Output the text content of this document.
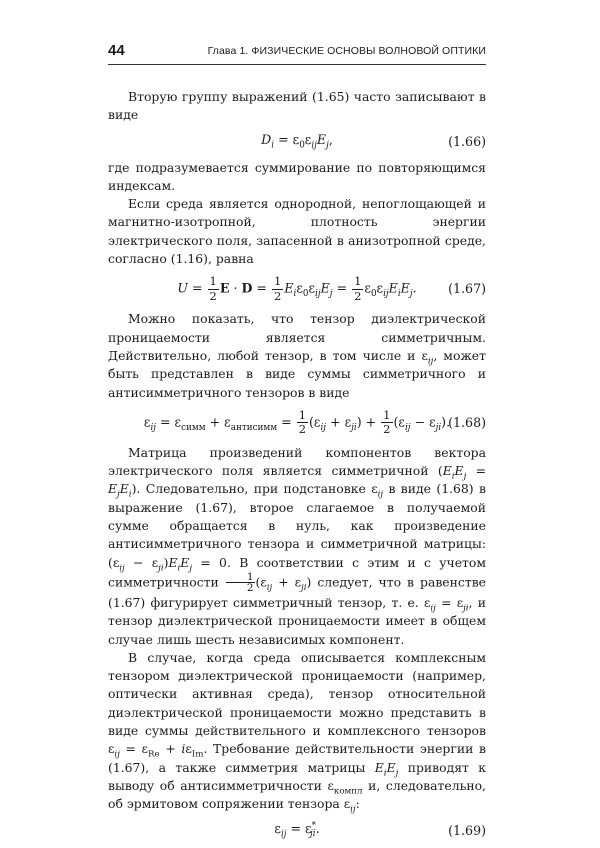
44	Глава 1. ФИЗИЧЕСКИЕ ОСНОВЫ ВОЛНОВОЙ ОПТИКИ

Вторую группу выражений (1.65) часто записывают в виде

$D_i = \varepsilon_0\varepsilon_{ij}E_j$,	(1.66)

где подразумевается суммирование по повторяющимся индексам.

Если среда является однородной, непоглощающей и магнитно-изотропной, плотность энергии электрического поля, запасенной в анизотропной среде, согласно (1.16), равна

$U = \frac{1}{2}$ $E \cdot D = \frac{1}{2} E_i\varepsilon_0\varepsilon_{ij}E_j = \frac{1}{2} \varepsilon_0\varepsilon_{ij}E_iE_j$.	(1.67)

Можно показать, что тензор диэлектрической проницаемости является симметричным. Действительно, любой тензор, в том числе и $\varepsilon_{ij}$, может быть представлен в виде суммы симметричного и антисимметричного тензоров в виде

$\varepsilon_{ij} = \varepsilon_{симм} + \varepsilon_{антисимм} = \frac{1}{2} (\varepsilon_{ij} + \varepsilon_{ji}) + \frac{1}{2} (\varepsilon_{ij} - \varepsilon_{ji})$.
(1.68)

Матрица произведений компонентов вектора электрического поля является симметричной $(E_iE_j = E_jE_i)$. Следовательно, при подстановке $\varepsilon_{ij}$ в виде (1.68) в выражение (1.67), второе слагаемое в получаемой сумме обращается в нуль, как произведение антисимметричного тензора и симметричной матрицы: $(\varepsilon_{ij} - \varepsilon_{ji})E_iE_j = 0$. В соответствии с этим и с учетом симметричности $\frac{1}{2} (\varepsilon_{ij} + \varepsilon_{ji})$ следует, что в равенстве (1.67) фигурирует симметричный тензор, т. е. $\varepsilon_{ij} = \varepsilon_{ji}$, и тензор диэлектрической проницаемости имеет в общем случае лишь шесть независимых компонент.

В случае, когда среда описывается комплексным тензором диэлектрической проницаемости (например, оптически активная среда), тензор относительной диэлектрической проницаемости можно представить в виде суммы действительного и комплексного тензоров $\varepsilon_{ij} = \varepsilon_{Re} + i\varepsilon_{Im}$. Требование действительности энергии в (1.67), а также симметрия матрицы $E_iE_j$ приводят к выводу об антисимметричности $\varepsilon_{компл}$ и, следовательно, об эрмитовом сопряжении тензора $\varepsilon_{ij}$:

$\varepsilon_{ij} = \varepsilon^*_{ji}$.	(1.69)
